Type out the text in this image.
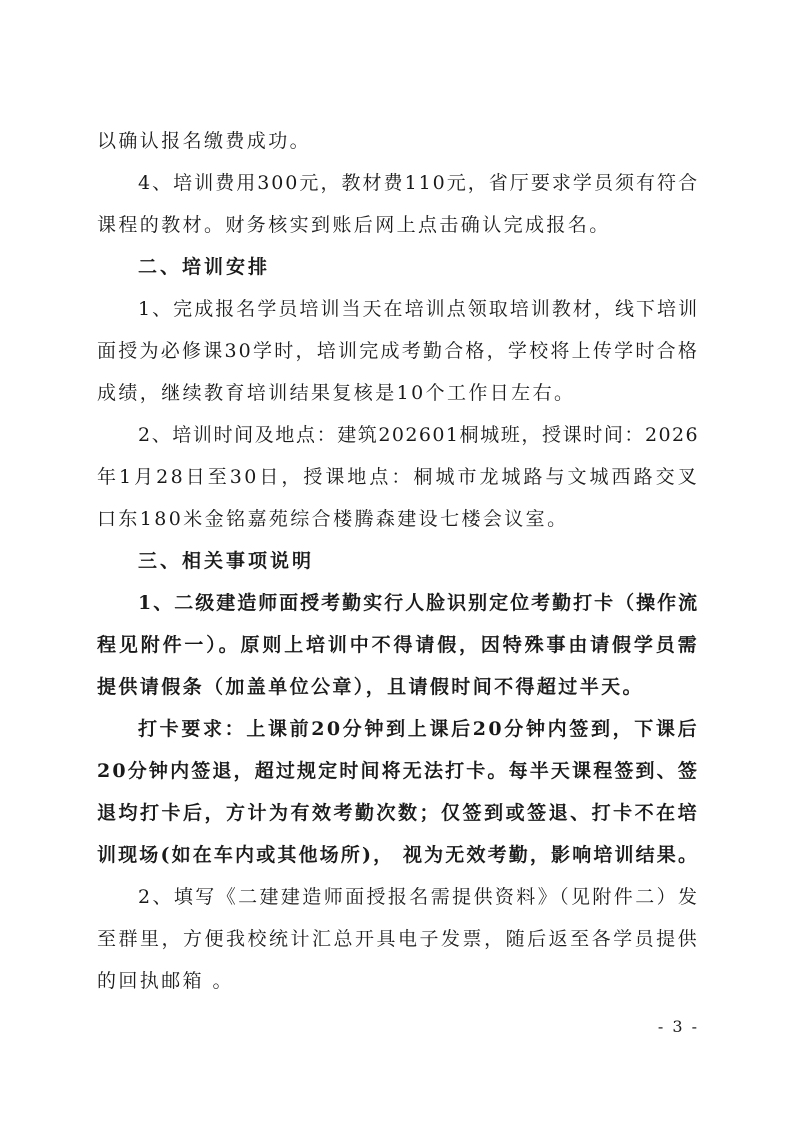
以确认报名缴费成功。
4、培训费用300元，教材费110元，省厅要求学员须有符合
课程的教材。财务核实到账后网上点击确认完成报名。
二、培训安排
1、完成报名学员培训当天在培训点领取培训教材，线下培训
面授为必修课30学时，培训完成考勤合格，学校将上传学时合格
成绩，继续教育培训结果复核是10个工作日左右。
2、培训时间及地点：建筑202601桐城班，授课时间：2026
年1月28日至30日，授课地点：桐城市龙城路与文城西路交叉
口东180米金铭嘉苑综合楼腾森建设七楼会议室。
三、相关事项说明
1、二级建造师面授考勤实行人脸识别定位考勤打卡（操作流
程见附件一）。原则上培训中不得请假，因特殊事由请假学员需
提供请假条（加盖单位公章），且请假时间不得超过半天。
打卡要求：上课前20分钟到上课后20分钟内签到，下课后
20分钟内签退，超过规定时间将无法打卡。每半天课程签到、签
退均打卡后，方计为有效考勤次数；仅签到或签退、打卡不在培
训现场(如在车内或其他场所)， 视为无效考勤，影响培训结果。
2、填写《二建建造师面授报名需提供资料》（见附件二）发
至群里，方便我校统计汇总开具电子发票，随后返至各学员提供
的回执邮箱 。
- 3 -
